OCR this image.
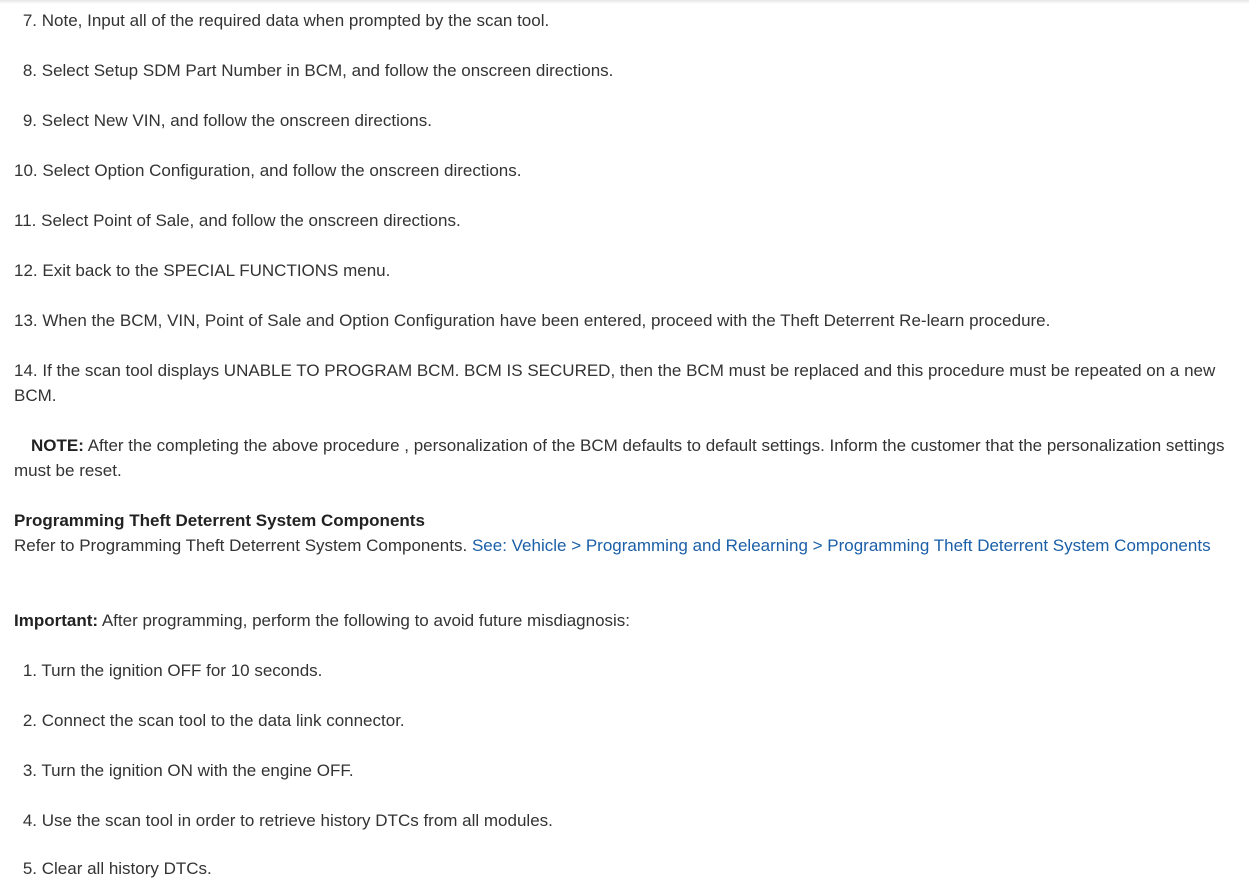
7. Note, Input all of the required data when prompted by the scan tool.
8. Select Setup SDM Part Number in BCM, and follow the onscreen directions.
9. Select New VIN, and follow the onscreen directions.
10. Select Option Configuration, and follow the onscreen directions.
11. Select Point of Sale, and follow the onscreen directions.
12. Exit back to the SPECIAL FUNCTIONS menu.
13. When the BCM, VIN, Point of Sale and Option Configuration have been entered, proceed with the Theft Deterrent Re-learn procedure.
14. If the scan tool displays UNABLE TO PROGRAM BCM. BCM IS SECURED, then the BCM must be replaced and this procedure must be repeated on a new BCM.
NOTE: After the completing the above procedure , personalization of the BCM defaults to default settings. Inform the customer that the personalization settings must be reset.
Programming Theft Deterrent System Components
Refer to Programming Theft Deterrent System Components. See: Vehicle > Programming and Relearning > Programming Theft Deterrent System Components
Important: After programming, perform the following to avoid future misdiagnosis:
1. Turn the ignition OFF for 10 seconds.
2. Connect the scan tool to the data link connector.
3. Turn the ignition ON with the engine OFF.
4. Use the scan tool in order to retrieve history DTCs from all modules.
5. Clear all history DTCs.
